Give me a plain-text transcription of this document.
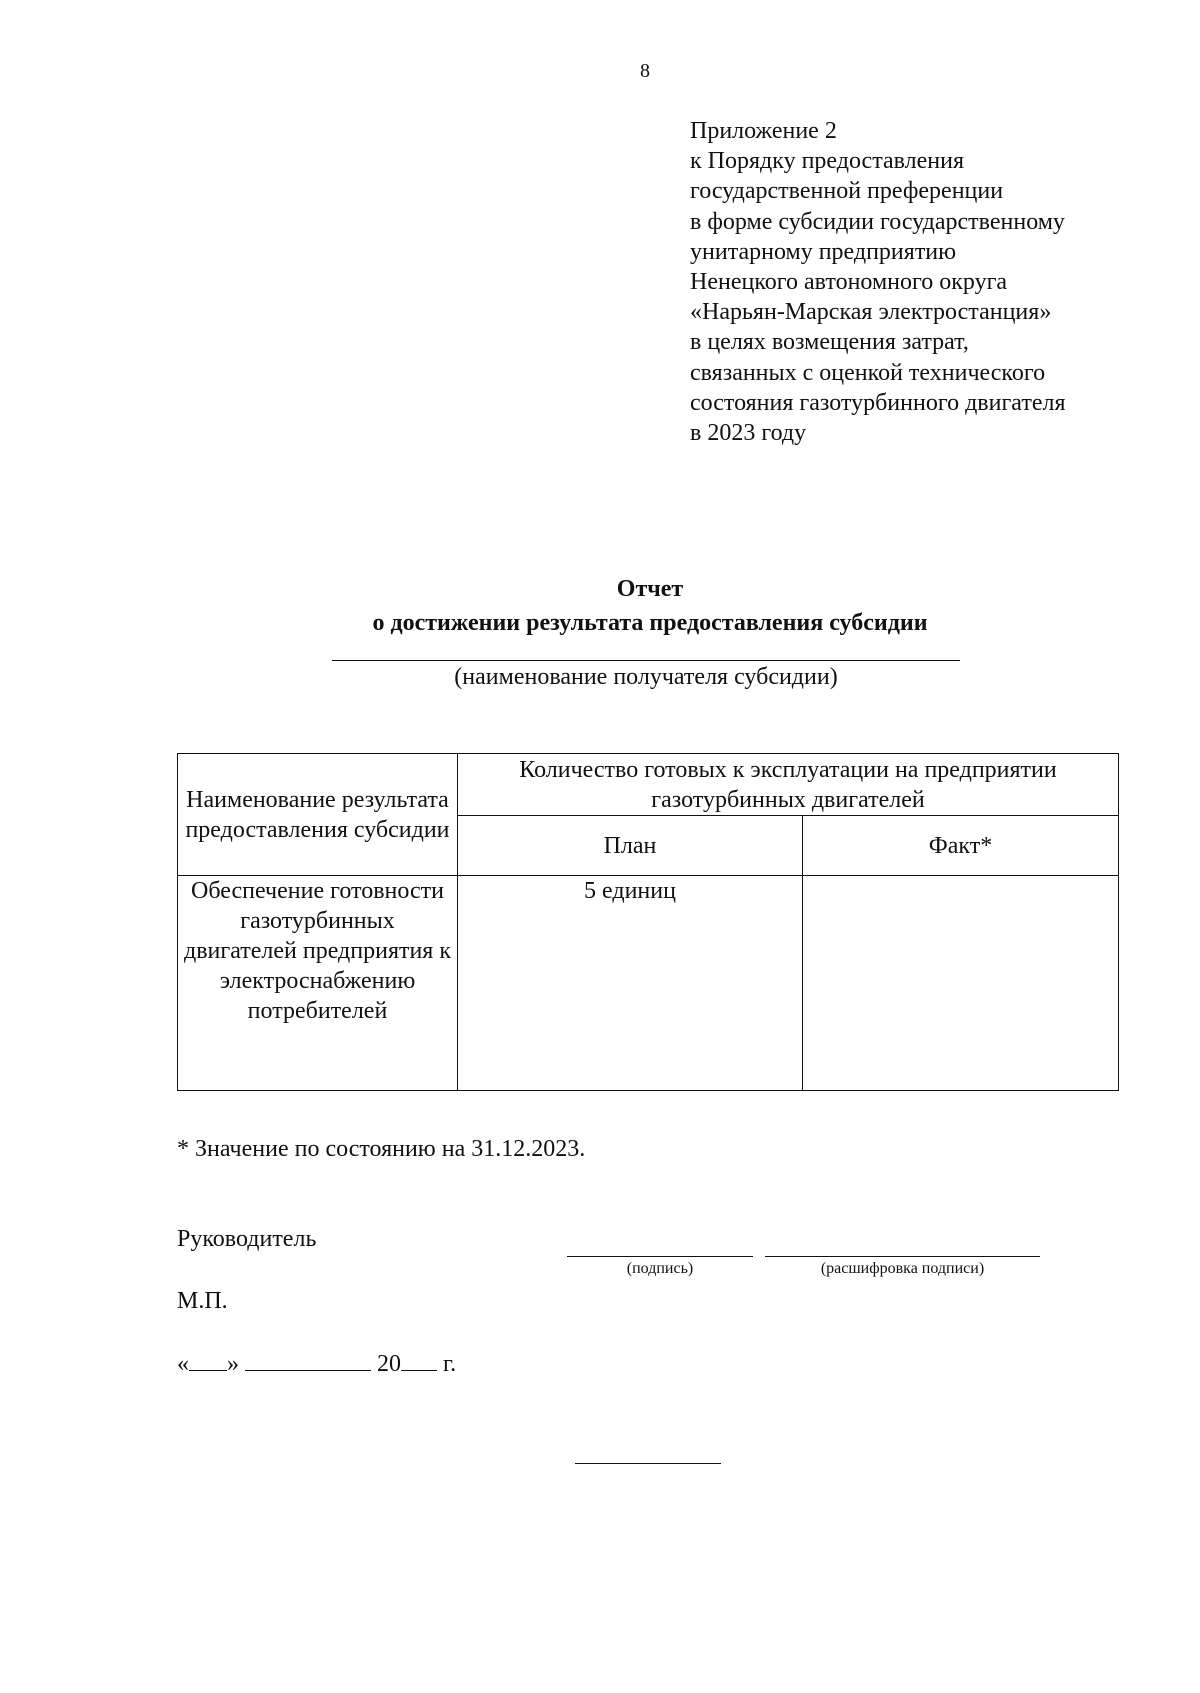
8
Приложение 2
к Порядку предоставления
государственной преференции
в форме субсидии государственному
унитарному предприятию
Ненецкого автономного округа
«Нарьян-Марская электростанция»
в целях возмещения затрат,
связанных с оценкой технического
состояния газотурбинного двигателя
в 2023 году
Отчет
о достижении результата предоставления субсидии
(наименование получателя субсидии)
Наименование результата предоставления субсидии	Количество готовых к эксплуатации на предприятии газотурбинных двигателей	
	План	Факт*
Обеспечение готовности газотурбинных двигателей предприятия к электроснабжению потребителей	5 единиц	
* Значение по состоянию на 31.12.2023.
Руководитель
(подпись)	(расшифровка подписи)
М.П.
« »	20 г.
